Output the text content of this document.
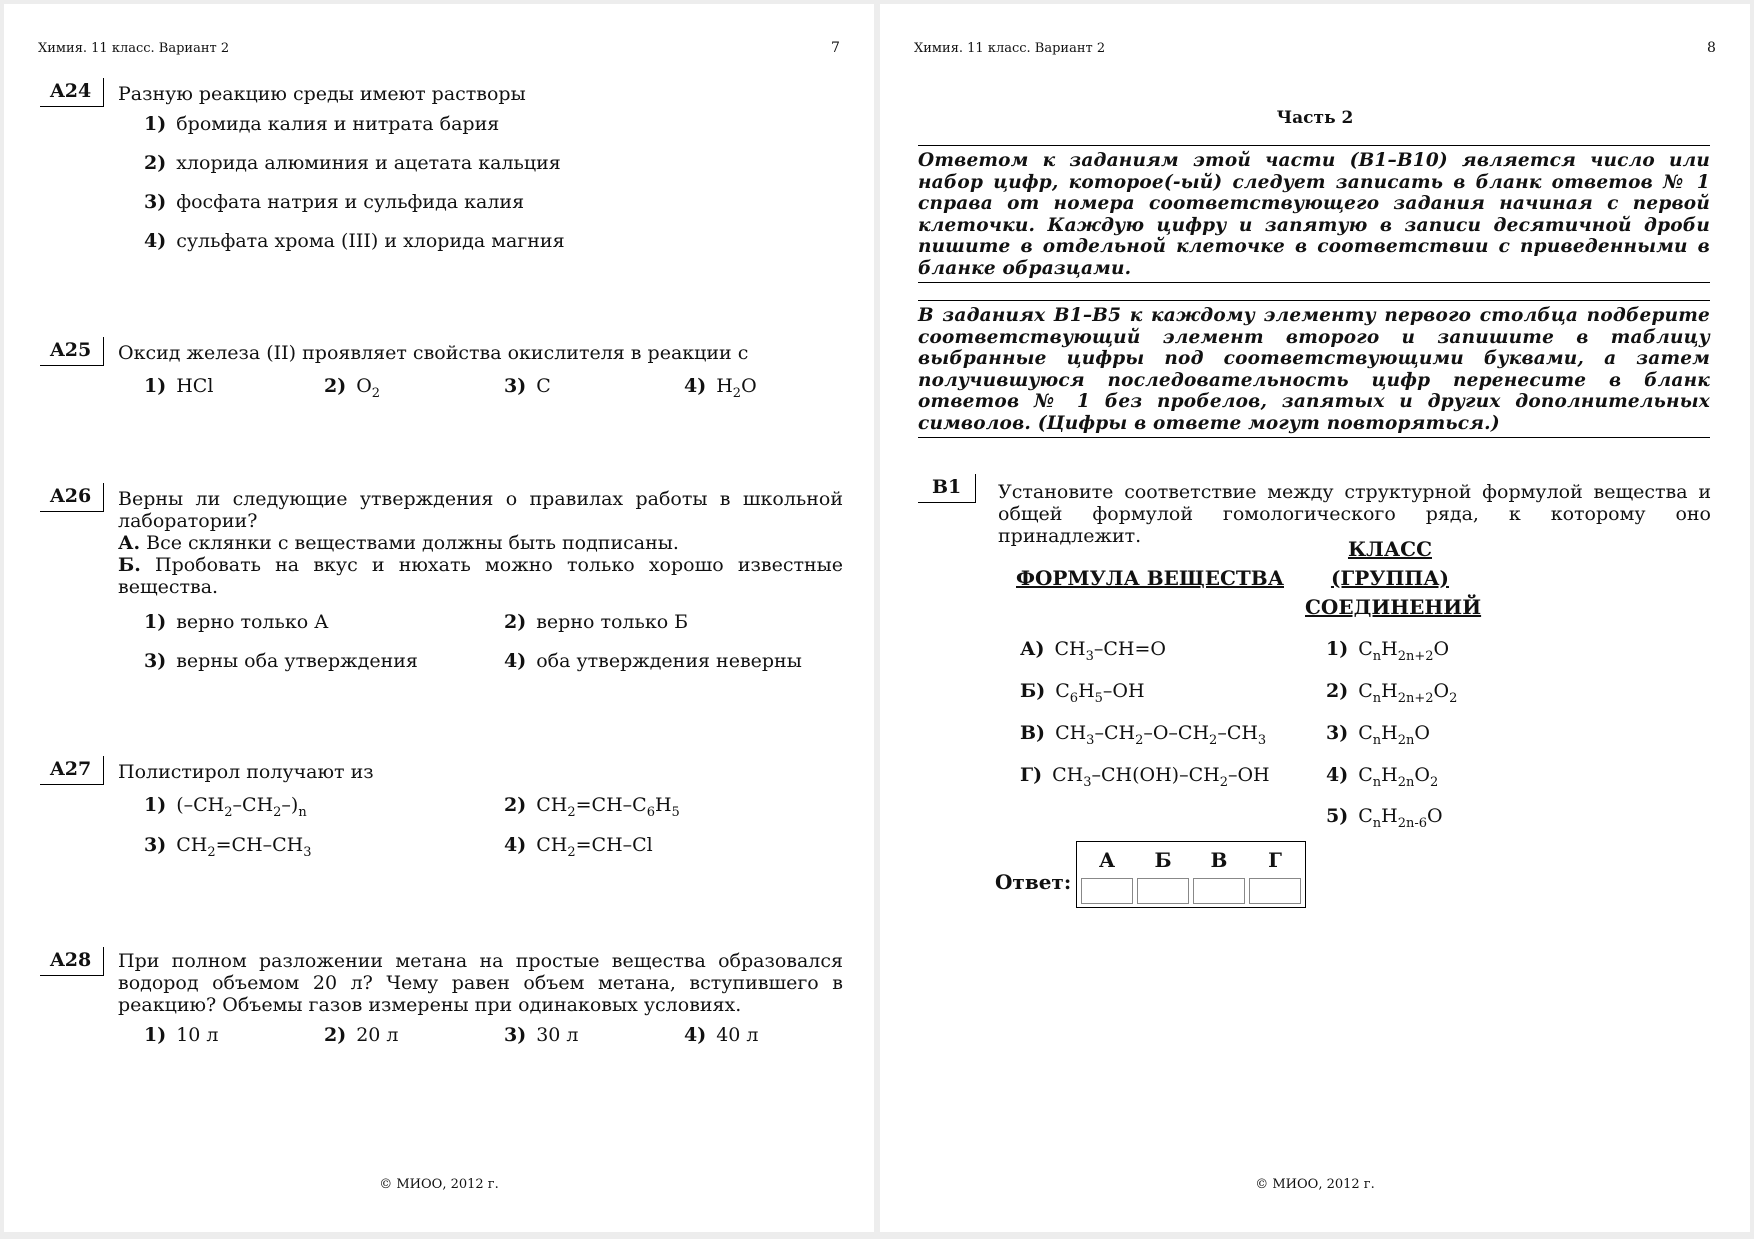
Химия. 11 класс. Вариант 2	7
A24	Разную реакцию среды имеют растворы
1) бромида калия и нитрата бария
2) хлорида алюминия и ацетата кальция
3) фосфата натрия и сульфида калия
4) сульфата хрома (III) и хлорида магния
A25	Оксид железа (II) проявляет свойства окислителя в реакции с
1) HCl	2) $O_2$	3) C	4) $H_2O$
A26	Верны ли следующие утверждения о правилах работы в школьной лаборатории?
А. Все склянки с веществами должны быть подписаны.
Б. Пробовать на вкус и нюхать можно только хорошо известные вещества.
1) верно только А	2) верно только Б
3) верны оба утверждения	4) оба утверждения неверны
A27	Полистирол получают из
1) $(-CH_2-CH_2-)_n$	2) $CH_2=CH-C_6H_5$
3) $CH_2=CH-CH_3$	4) $CH_2=CH-Cl$
A28	При полном разложении метана на простые вещества образовался водород объемом 20 л? Чему равен объем метана, вступившего в реакцию? Объемы газов измерены при одинаковых условиях.
1) 10 л	2) 20 л	3) 30 л	4) 40 л
© МИОО, 2012 г.
Химия. 11 класс. Вариант 2	8
Часть 2
Ответом к заданиям этой части (В1–В10) является число или набор цифр, которое(-ый) следует записать в бланк ответов № 1 справа от номера соответствующего задания начиная с первой клеточки. Каждую цифру и запятую в записи десятичной дроби пишите в отдельной клеточке в соответствии с приведенными в бланке образцами.
В заданиях В1–В5 к каждому элементу первого столбца подберите соответствующий элемент второго и запишите в таблицу выбранные цифры под соответствующими буквами, а затем получившуюся последовательность цифр перенесите в бланк ответов № 1 без пробелов, запятых и других дополнительных символов. (Цифры в ответе могут повторяться.)
В1	Установите соответствие между структурной формулой вещества и общей формулой гомологического ряда, к которому оно принадлежит.
ФОРМУЛА ВЕЩЕСТВА
КЛАСС
(ГРУППА)
СОЕДИНЕНИЙ
А) $CH_3-CH=O$
Б) $C_6H_5-OH$
В) $CH_3-CH_2-O-CH_2-CH_3$
Г) $CH_3-CH(OH)-CH_2-OH$
1) $C_nH_{2n+2}O$
2) $C_nH_{2n+2}O_2$
3) $C_nH_{2n}O$
4) $C_nH_{2n}O_2$
5) $C_nH_{2n-6}O$
Ответ:
А	Б	В	Г

© МИОО, 2012 г.
